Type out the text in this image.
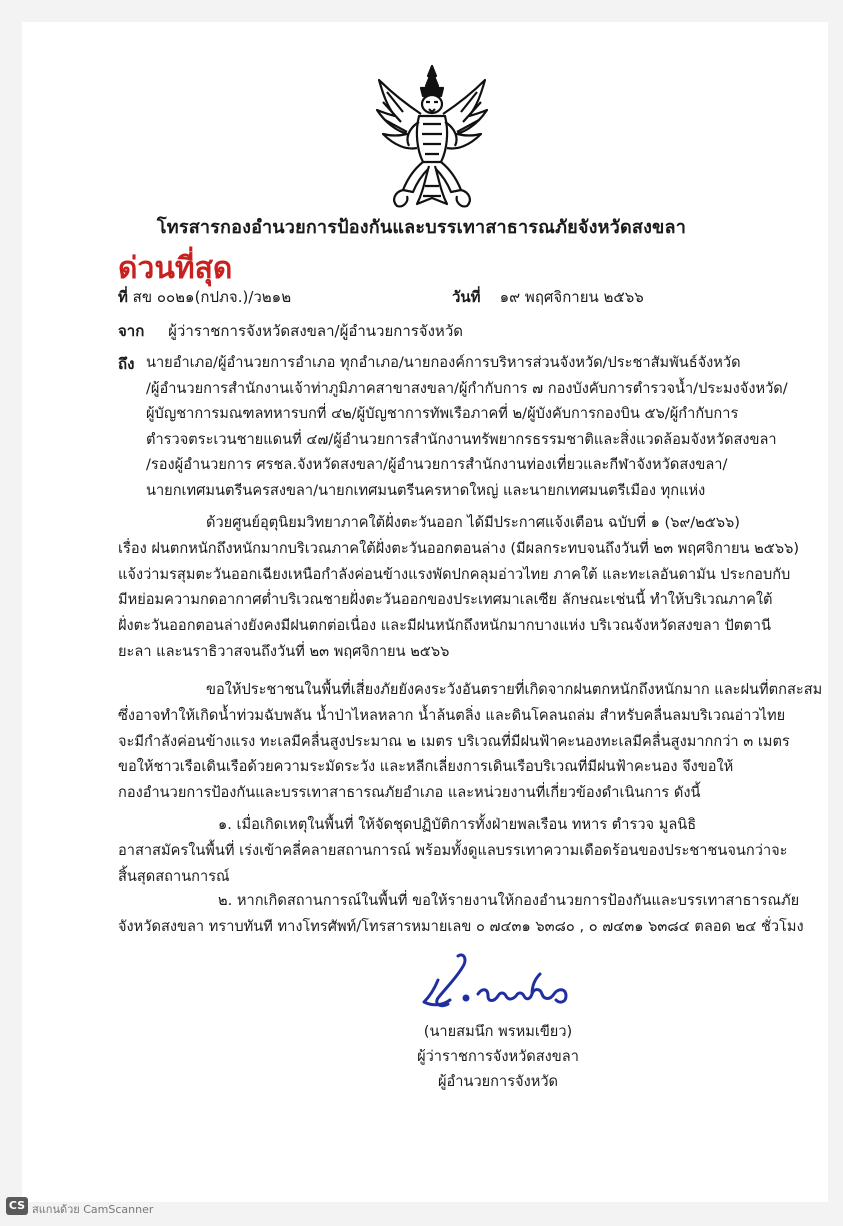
โทรสารกองอำนวยการป้องกันและบรรเทาสาธารณภัยจังหวัดสงขลา
ด่วนที่สุด
ที่ สข ๐๐๒๑(กปภจ.)/ว๒๑๒	วันที่ ๑๙ พฤศจิกายน ๒๕๖๖
จาก ผู้ว่าราชการจังหวัดสงขลา/ผู้อำนวยการจังหวัด
ถึง นายอำเภอ/ผู้อำนวยการอำเภอ ทุกอำเภอ/นายกองค์การบริหารส่วนจังหวัด/ประชาสัมพันธ์จังหวัด
/ผู้อำนวยการสำนักงานเจ้าท่าภูมิภาคสาขาสงขลา/ผู้กำกับการ ๗ กองบังคับการตำรวจน้ำ/ประมงจังหวัด/
ผู้บัญชาการมณฑลทหารบกที่ ๔๒/ผู้บัญชาการทัพเรือภาคที่ ๒/ผู้บังคับการกองบิน ๕๖/ผู้กำกับการ
ตำรวจตระเวนชายแดนที่ ๔๗/ผู้อำนวยการสำนักงานทรัพยากรธรรมชาติและสิ่งแวดล้อมจังหวัดสงขลา
/รองผู้อำนวยการ ศรชล.จังหวัดสงขลา/ผู้อำนวยการสำนักงานท่องเที่ยวและกีฬาจังหวัดสงขลา/
นายกเทศมนตรีนครสงขลา/นายกเทศมนตรีนครหาดใหญ่ และนายกเทศมนตรีเมือง ทุกแห่ง
ด้วยศูนย์อุตุนิยมวิทยาภาคใต้ฝั่งตะวันออก ได้มีประกาศแจ้งเตือน ฉบับที่ ๑ (๖๙/๒๕๖๖)
เรื่อง ฝนตกหนักถึงหนักมากบริเวณภาคใต้ฝั่งตะวันออกตอนล่าง (มีผลกระทบจนถึงวันที่ ๒๓ พฤศจิกายน ๒๕๖๖)
แจ้งว่ามรสุมตะวันออกเฉียงเหนือกำลังค่อนข้างแรงพัดปกคลุมอ่าวไทย ภาคใต้ และทะเลอันดามัน ประกอบกับ
มีหย่อมความกดอากาศต่ำบริเวณชายฝั่งตะวันออกของประเทศมาเลเซีย ลักษณะเช่นนี้ ทำให้บริเวณภาคใต้
ฝั่งตะวันออกตอนล่างยังคงมีฝนตกต่อเนื่อง และมีฝนหนักถึงหนักมากบางแห่ง บริเวณจังหวัดสงขลา ปัตตานี
ยะลา และนราธิวาสจนถึงวันที่ ๒๓ พฤศจิกายน ๒๕๖๖
ขอให้ประชาชนในพื้นที่เสี่ยงภัยยังคงระวังอันตรายที่เกิดจากฝนตกหนักถึงหนักมาก และฝนที่ตกสะสม
ซึ่งอาจทำให้เกิดน้ำท่วมฉับพลัน น้ำป่าไหลหลาก น้ำล้นตลิ่ง และดินโคลนถล่ม สำหรับคลื่นลมบริเวณอ่าวไทย
จะมีกำลังค่อนข้างแรง ทะเลมีคลื่นสูงประมาณ ๒ เมตร บริเวณที่มีฝนฟ้าคะนองทะเลมีคลื่นสูงมากกว่า ๓ เมตร
ขอให้ชาวเรือเดินเรือด้วยความระมัดระวัง และหลีกเลี่ยงการเดินเรือบริเวณที่มีฝนฟ้าคะนอง จึงขอให้
กองอำนวยการป้องกันและบรรเทาสาธารณภัยอำเภอ และหน่วยงานที่เกี่ยวข้องดำเนินการ ดังนี้
๑. เมื่อเกิดเหตุในพื้นที่ ให้จัดชุดปฏิบัติการทั้งฝ่ายพลเรือน ทหาร ตำรวจ มูลนิธิ
อาสาสมัครในพื้นที่ เร่งเข้าคลี่คลายสถานการณ์ พร้อมทั้งดูแลบรรเทาความเดือดร้อนของประชาชนจนกว่าจะ
สิ้นสุดสถานการณ์
๒. หากเกิดสถานการณ์ในพื้นที่ ขอให้รายงานให้กองอำนวยการป้องกันและบรรเทาสาธารณภัย
จังหวัดสงขลา ทราบทันที ทางโทรศัพท์/โทรสารหมายเลข ๐ ๗๔๓๑ ๖๓๘๐ , ๐ ๗๔๓๑ ๖๓๘๔ ตลอด ๒๔ ชั่วโมง
(นายสมนึก พรหมเขียว)
ผู้ว่าราชการจังหวัดสงขลา
ผู้อำนวยการจังหวัด
CS สแกนด้วย CamScanner
